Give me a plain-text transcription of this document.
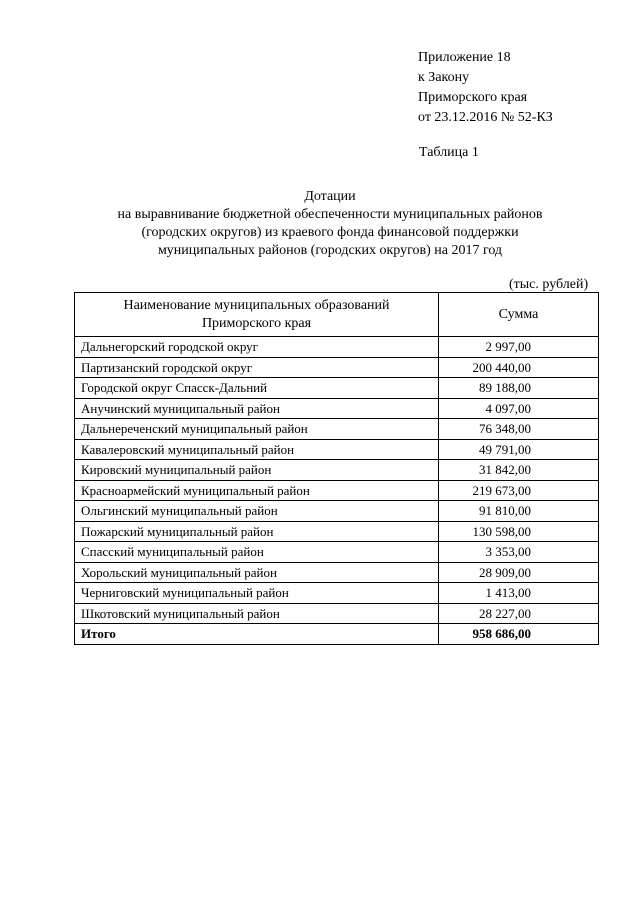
Приложение 18
к Закону
Приморского края
от 23.12.2016 № 52-КЗ
Таблица 1
Дотации
на выравнивание бюджетной обеспеченности муниципальных районов
(городских округов) из краевого фонда финансовой поддержки
муниципальных районов (городских округов) на 2017 год
(тыс. рублей)
Наименование муниципальных образований
Приморского края	Сумма
Дальнегорский городской округ	2 997,00
Партизанский городской округ	200 440,00
Городской округ Спасск-Дальний	89 188,00
Анучинский муниципальный район	4 097,00
Дальнереченский муниципальный район	76 348,00
Кавалеровский муниципальный район	49 791,00
Кировский муниципальный район	31 842,00
Красноармейский муниципальный район	219 673,00
Ольгинский муниципальный район	91 810,00
Пожарский муниципальный район	130 598,00
Спасский муниципальный район	3 353,00
Хорольский муниципальный район	28 909,00
Черниговский муниципальный район	1 413,00
Шкотовский муниципальный район	28 227,00
Итого	958 686,00
